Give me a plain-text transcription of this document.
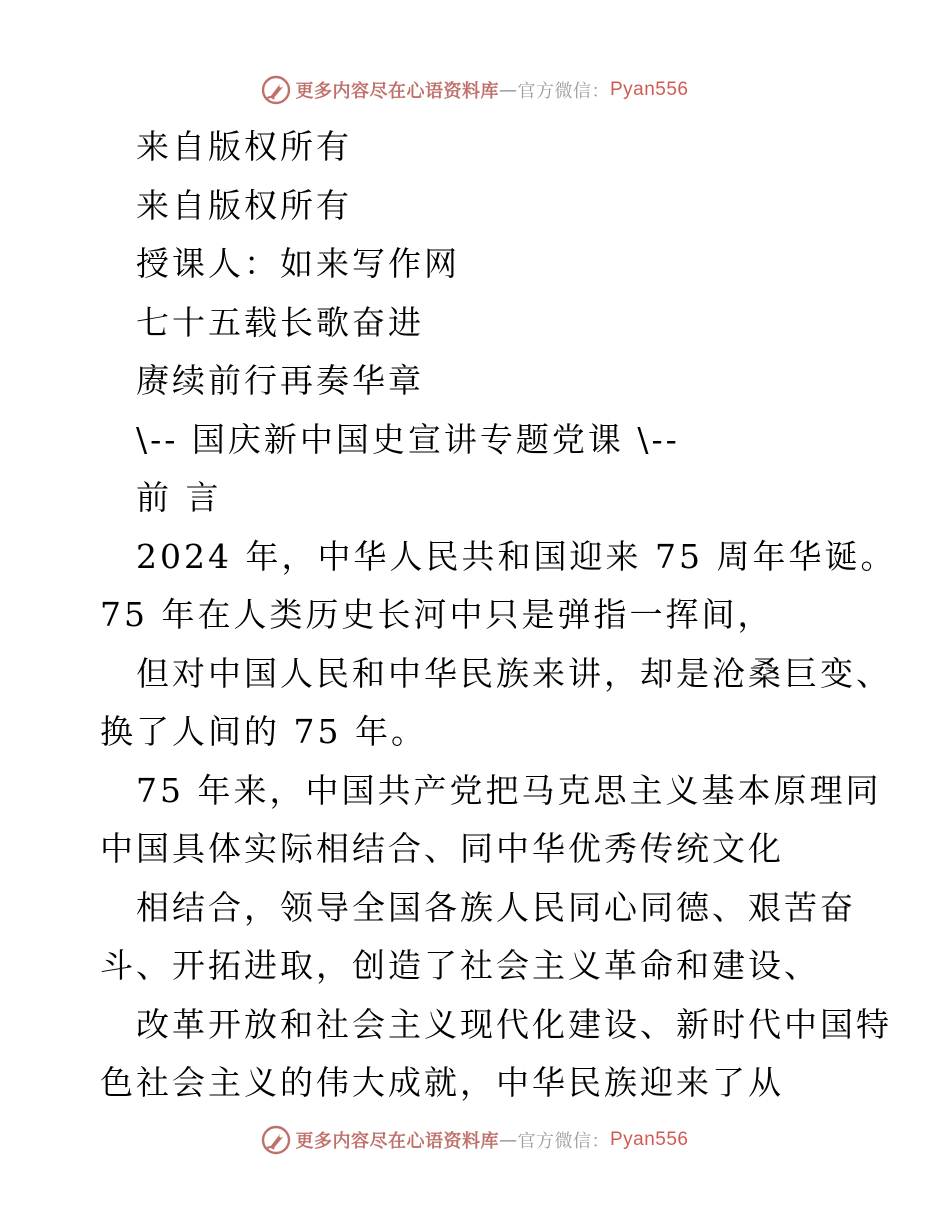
更多内容尽在心语资料库 — 官方微信： Pyan556
来自版权所有
来自版权所有
授课人：如来写作网
七十五载长歌奋进
赓续前行再奏华章
\-- 国庆新中国史宣讲专题党课 \--
前 言
2024 年，中华人民共和国迎来 75 周年华诞。
75 年在人类历史长河中只是弹指一挥间，
但对中国人民和中华民族来讲，却是沧桑巨变、
换了人间的 75 年。
75 年来，中国共产党把马克思主义基本原理同
中国具体实际相结合、同中华优秀传统文化
相结合，领导全国各族人民同心同德、艰苦奋
斗、开拓进取，创造了社会主义革命和建设、
改革开放和社会主义现代化建设、新时代中国特
色社会主义的伟大成就，中华民族迎来了从
更多内容尽在心语资料库 — 官方微信： Pyan556
